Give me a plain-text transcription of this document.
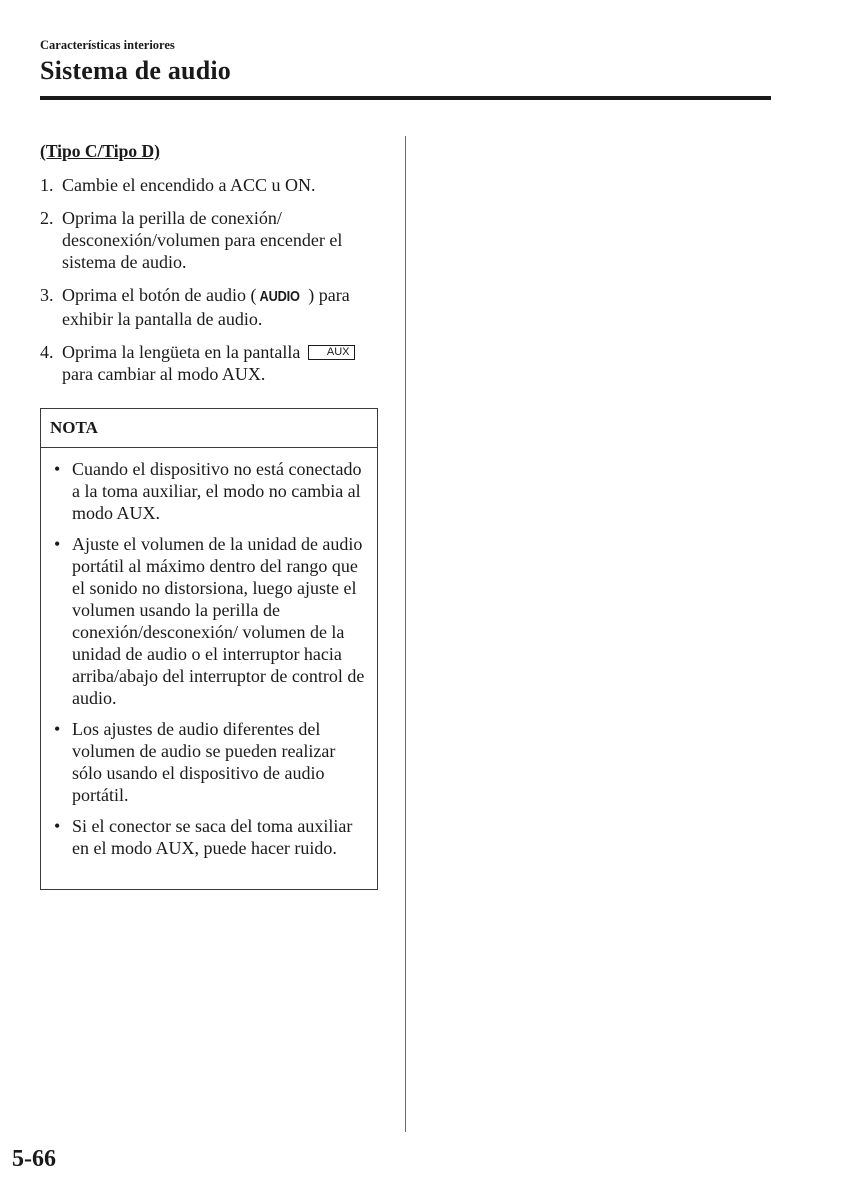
Características interiores
Sistema de audio
(Tipo C/Tipo D)
1. Cambie el encendido a ACC u ON.
2. Oprima la perilla de conexión/ desconexión/volumen para encender el sistema de audio.
3. Oprima el botón de audio ( AUDIO ) para exhibir la pantalla de audio.
4. Oprima la lengüeta en la pantalla AUX
para cambiar al modo AUX.
NOTA
• Cuando el dispositivo no está conectado a la toma auxiliar, el modo no cambia al modo AUX.
• Ajuste el volumen de la unidad de audio portátil al máximo dentro del rango que el sonido no distorsiona, luego ajuste el volumen usando la perilla de conexión/desconexión/ volumen de la unidad de audio o el interruptor hacia arriba/abajo del interruptor de control de audio.
• Los ajustes de audio diferentes del volumen de audio se pueden realizar sólo usando el dispositivo de audio portátil.
• Si el conector se saca del toma auxiliar en el modo AUX, puede hacer ruido.
5-66
